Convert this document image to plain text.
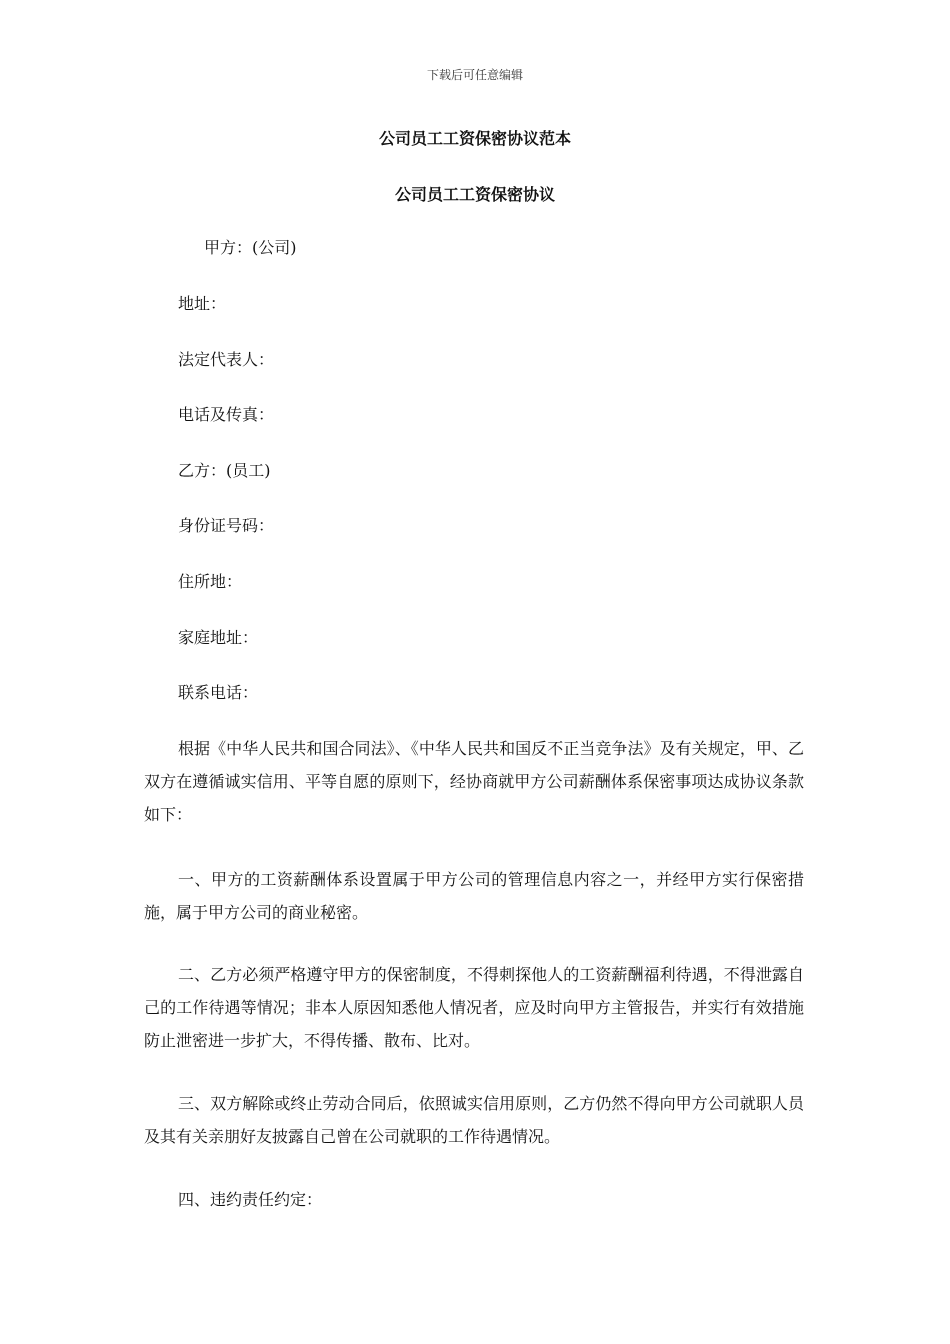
下载后可任意编辑
公司员工工资保密协议范本
公司员工工资保密协议
甲方：(公司)
地址：
法定代表人：
电话及传真：
乙方：(员工)
身份证号码：
住所地：
家庭地址：
联系电话：
根据《中华人民共和国合同法》、《中华人民共和国反不正当竞争法》及有关规定，甲、乙双方在遵循诚实信用、平等自愿的原则下，经协商就甲方公司薪酬体系保密事项达成协议条款如下：
一、甲方的工资薪酬体系设置属于甲方公司的管理信息内容之一，并经甲方实行保密措施，属于甲方公司的商业秘密。
二、乙方必须严格遵守甲方的保密制度，不得刺探他人的工资薪酬福利待遇，不得泄露自己的工作待遇等情况；非本人原因知悉他人情况者，应及时向甲方主管报告，并实行有效措施防止泄密进一步扩大，不得传播、散布、比对。
三、双方解除或终止劳动合同后，依照诚实信用原则，乙方仍然不得向甲方公司就职人员及其有关亲朋好友披露自己曾在公司就职的工作待遇情况。
四、违约责任约定：
